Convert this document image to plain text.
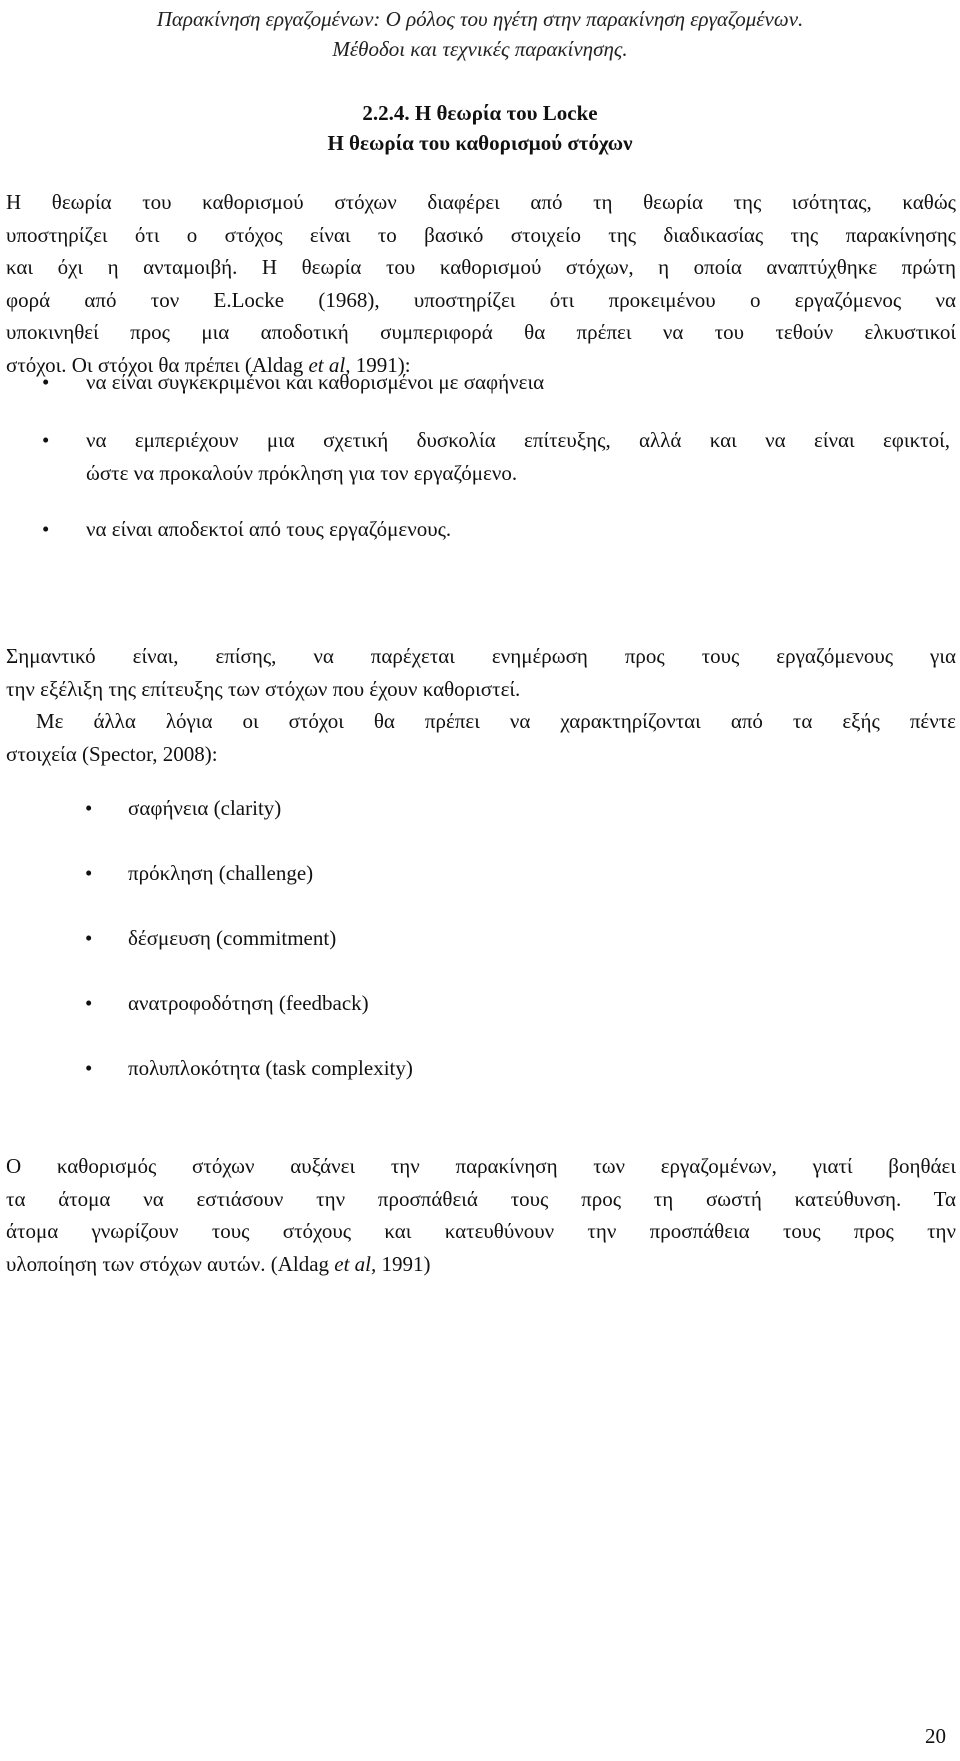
Παρακίνηση εργαζομένων: Ο ρόλος του ηγέτη στην παρακίνηση εργαζομένων.
Μέθοδοι και τεχνικές παρακίνησης.
2.2.4. Η θεωρία του Locke
Η θεωρία του καθορισμού στόχων
Η θεωρία του καθορισμού στόχων διαφέρει από τη θεωρία της ισότητας, καθώς
υποστηρίζει ότι ο στόχος είναι το βασικό στοιχείο της διαδικασίας της παρακίνησης
και όχι η ανταμοιβή. Η θεωρία του καθορισμού στόχων, η οποία αναπτύχθηκε πρώτη
φορά από τον E.Locke (1968), υποστηρίζει ότι προκειμένου ο εργαζόμενος να
υποκινηθεί προς μια αποδοτική συμπεριφορά θα πρέπει να του τεθούν ελκυστικοί
στόχοι. Οι στόχοι θα πρέπει (Aldag et al, 1991):
• να είναι συγκεκριμένοι και καθορισμένοι με σαφήνεια
• να εμπεριέχουν μια σχετική δυσκολία επίτευξης, αλλά και να είναι εφικτοί,
ώστε να προκαλούν πρόκληση για τον εργαζόμενο.
• να είναι αποδεκτοί από τους εργαζόμενους.
Σημαντικό είναι, επίσης, να παρέχεται ενημέρωση προς τους εργαζόμενους για
την εξέλιξη της επίτευξης των στόχων που έχουν καθοριστεί.
Με άλλα λόγια οι στόχοι θα πρέπει να χαρακτηρίζονται από τα εξής πέντε
στοιχεία (Spector, 2008):
• σαφήνεια (clarity)
• πρόκληση (challenge)
• δέσμευση (commitment)
• ανατροφοδότηση (feedback)
• πολυπλοκότητα (task complexity)
Ο καθορισμός στόχων αυξάνει την παρακίνηση των εργαζομένων, γιατί βοηθάει
τα άτομα να εστιάσουν την προσπάθειά τους προς τη σωστή κατεύθυνση. Τα
άτομα γνωρίζουν τους στόχους και κατευθύνουν την προσπάθεια τους προς την
υλοποίηση των στόχων αυτών. (Aldag et al, 1991)
20
